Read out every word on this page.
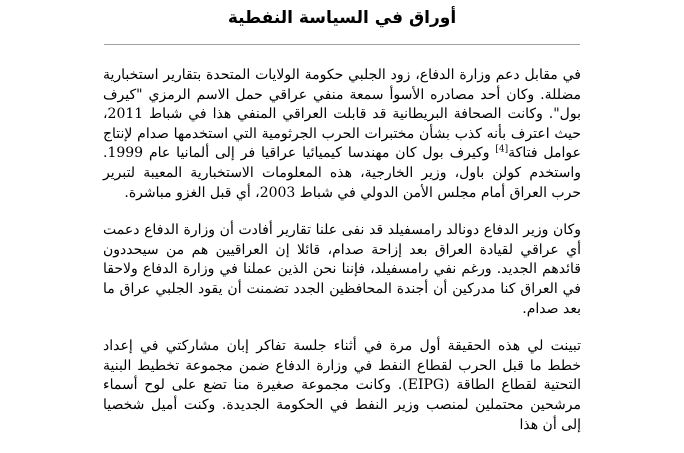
أوراق في السياسة النفطية

في مقابل دعم وزارة الدفاع، زود الجلبي حكومة الولايات المتحدة بتقارير استخبارية مضللة. وكان أحد مصادره الأسوأ سمعة منفي عراقي حمل الاسم الرمزي "كيرف بول". وكانت الصحافة البريطانية قد قابلت العراقي المنفي هذا في شباط 2011، حيث اعترف بأنه كذب بشأن مختبرات الحرب الجرثومية التي استخدمها صدام لإنتاج عوامل فتاكة[4] وكيرف بول كان مهندسا كيميائيا عراقيا فر إلى ألمانيا عام 1999. واستخدم كولن باول، وزير الخارجية، هذه المعلومات الاستخبارية المعيبة لتبرير حرب العراق أمام مجلس الأمن الدولي في شباط 2003، أي قبل الغزو مباشرة.

وكان وزير الدفاع دونالد رامسفيلد قد نفى علنا تقارير أفادت أن وزارة الدفاع دعمت أي عراقي لقيادة العراق بعد إزاحة صدام، قائلا إن العراقيين هم من سيحددون قائدهم الجديد. ورغم نفي رامسفيلد، فإننا نحن الذين عملنا في وزارة الدفاع ولاحقا في العراق كنا مدركين أن أجندة المحافظين الجدد تضمنت أن يقود الجلبي عراق ما بعد صدام.

تبينت لي هذه الحقيقة أول مرة في أثناء جلسة تفاكر إبان مشاركتي في إعداد خطط ما قبل الحرب لقطاع النفط في وزارة الدفاع ضمن مجموعة تخطيط البنية التحتية لقطاع الطاقة (EIPG). وكانت مجموعة صغيرة منا تضع على لوح أسماء مرشحين محتملين لمنصب وزير النفط في الحكومة الجديدة. وكنت أميل شخصيا إلى أن هذا
